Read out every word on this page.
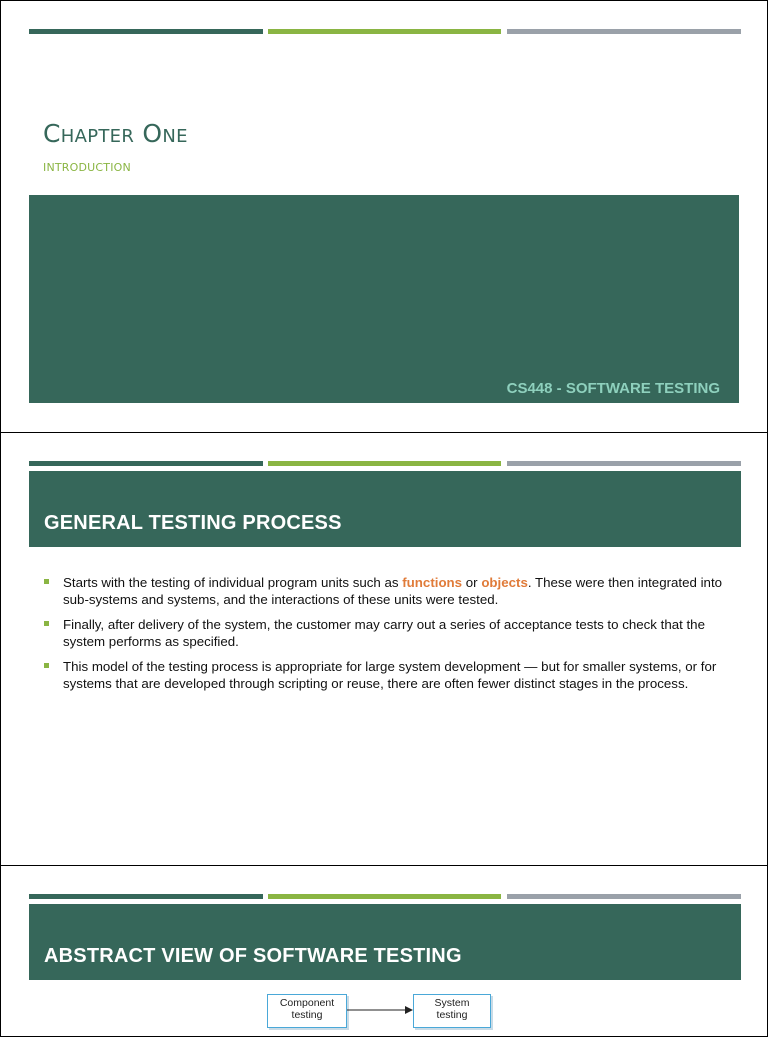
Chapter One
INTRODUCTION
CS448 - SOFTWARE TESTING
GENERAL TESTING PROCESS
Starts with the testing of individual program units such as functions or objects. These were then integrated into sub-systems and systems, and the interactions of these units were tested.
Finally, after delivery of the system, the customer may carry out a series of acceptance tests to check that the system performs as specified.
This model of the testing process is appropriate for large system development — but for smaller systems, or for systems that are developed through scripting or reuse, there are often fewer distinct stages in the process.
ABSTRACT VIEW OF SOFTWARE TESTING
Component
testing
System
testing
